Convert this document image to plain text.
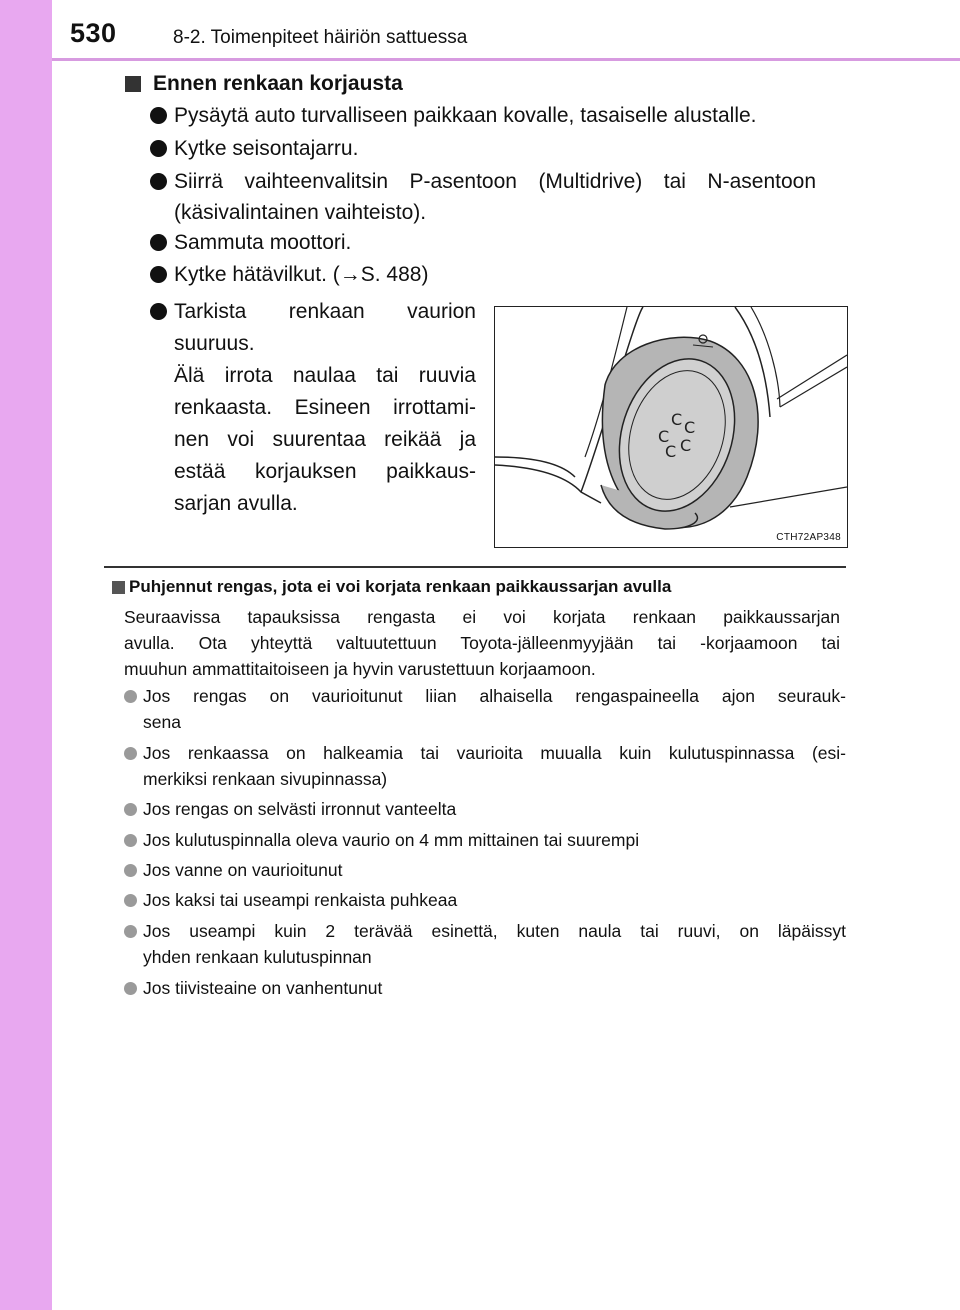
530	8-2. Toimenpiteet häiriön sattuessa
Ennen renkaan korjausta
Pysäytä auto turvalliseen paikkaan kovalle, tasaiselle alustalle.
Kytke seisontajarru.
Siirrä vaihteenvalitsin P-asentoon (Multidrive) tai N-asentoon
(käsivalintainen vaihteisto).
Sammuta moottori.
Kytke hätävilkut. (→S. 488)
Tarkista renkaan vaurion
suuruus.
Älä irrota naulaa tai ruuvia
renkaasta. Esineen irrottami-
nen voi suurentaa reikää ja
estää korjauksen paikkaus-
sarjan avulla.
C C
C C
C
CTH72AP348
Puhjennut rengas, jota ei voi korjata renkaan paikkaussarjan avulla
Seuraavissa tapauksissa rengasta ei voi korjata renkaan paikkaussarjan
avulla. Ota yhteyttä valtuutettuun Toyota-jälleenmyyjään tai -korjaamoon tai
muuhun ammattitaitoiseen ja hyvin varustettuun korjaamoon.
Jos rengas on vaurioitunut liian alhaisella rengaspaineella ajon seurauk-
sena
Jos renkaassa on halkeamia tai vaurioita muualla kuin kulutuspinnassa (esi-
merkiksi renkaan sivupinnassa)
Jos rengas on selvästi irronnut vanteelta
Jos kulutuspinnalla oleva vaurio on 4 mm mittainen tai suurempi
Jos vanne on vaurioitunut
Jos kaksi tai useampi renkaista puhkeaa
Jos useampi kuin 2 terävää esinettä, kuten naula tai ruuvi, on läpäissyt
yhden renkaan kulutuspinnan
Jos tiivisteaine on vanhentunut
